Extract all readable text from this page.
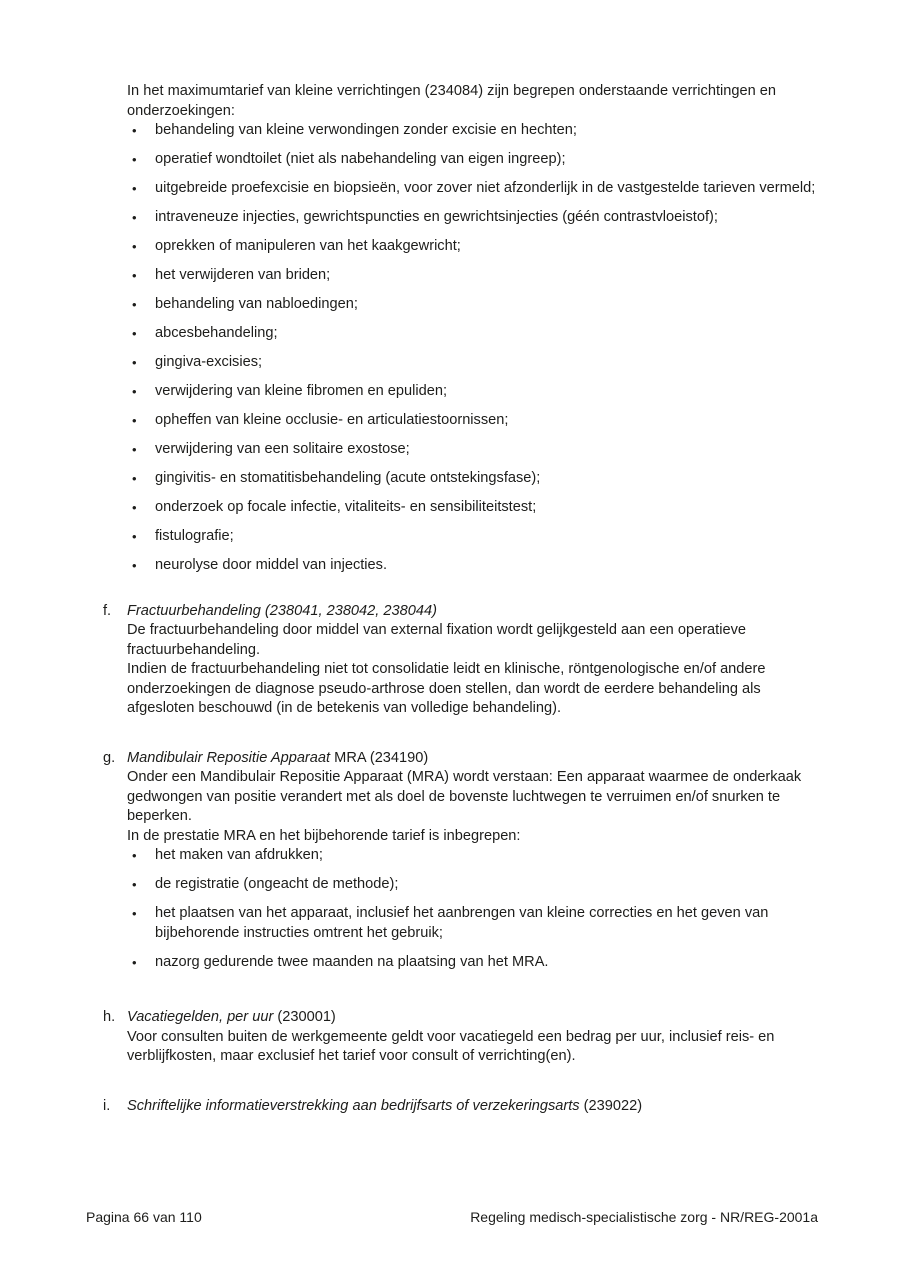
In het maximumtarief van kleine verrichtingen (234084) zijn begrepen onderstaande verrichtingen en onderzoekingen:

• behandeling van kleine verwondingen zonder excisie en hechten;
• operatief wondtoilet (niet als nabehandeling van eigen ingreep);
• uitgebreide proefexcisie en biopsieën, voor zover niet afzonderlijk in de vastgestelde tarieven vermeld;
• intraveneuze injecties, gewrichtspuncties en gewrichtsinjecties (géén contrastvloeistof);
• oprekken of manipuleren van het kaakgewricht;
• het verwijderen van briden;
• behandeling van nabloedingen;
• abcesbehandeling;
• gingiva-excisies;
• verwijdering van kleine fibromen en epuliden;
• opheffen van kleine occlusie- en articulatiestoornissen;
• verwijdering van een solitaire exostose;
• gingivitis- en stomatitisbehandeling (acute ontstekingsfase);
• onderzoek op focale infectie, vitaliteits- en sensibiliteitstest;
• fistulografie;
• neurolyse door middel van injecties.
f. Fractuurbehandeling (238041, 238042, 238044)

De fractuurbehandeling door middel van external fixation wordt gelijkgesteld aan een operatieve fractuurbehandeling.

Indien de fractuurbehandeling niet tot consolidatie leidt en klinische, röntgenologische en/of andere onderzoekingen de diagnose pseudo-arthrose doen stellen, dan wordt de eerdere behandeling als afgesloten beschouwd (in de betekenis van volledige behandeling).

g. Mandibulair Repositie Apparaat MRA (234190)

Onder een Mandibulair Repositie Apparaat (MRA) wordt verstaan: Een apparaat waarmee de onderkaak gedwongen van positie verandert met als doel de bovenste luchtwegen te verruimen en/of snurken te beperken.

In de prestatie MRA en het bijbehorende tarief is inbegrepen:

• het maken van afdrukken;
• de registratie (ongeacht de methode);
• het plaatsen van het apparaat, inclusief het aanbrengen van kleine correcties en het geven van bijbehorende instructies omtrent het gebruik;
• nazorg gedurende twee maanden na plaatsing van het MRA.
h. Vacatiegelden, per uur (230001)

Voor consulten buiten de werkgemeente geldt voor vacatiegeld een bedrag per uur, inclusief reis- en verblijfkosten, maar exclusief het tarief voor consult of verrichting(en).

i. Schriftelijke informatieverstrekking aan bedrijfsarts of verzekeringsarts (239022)

Pagina 66 van 110	Regeling medisch-specialistische zorg - NR/REG-2001a
